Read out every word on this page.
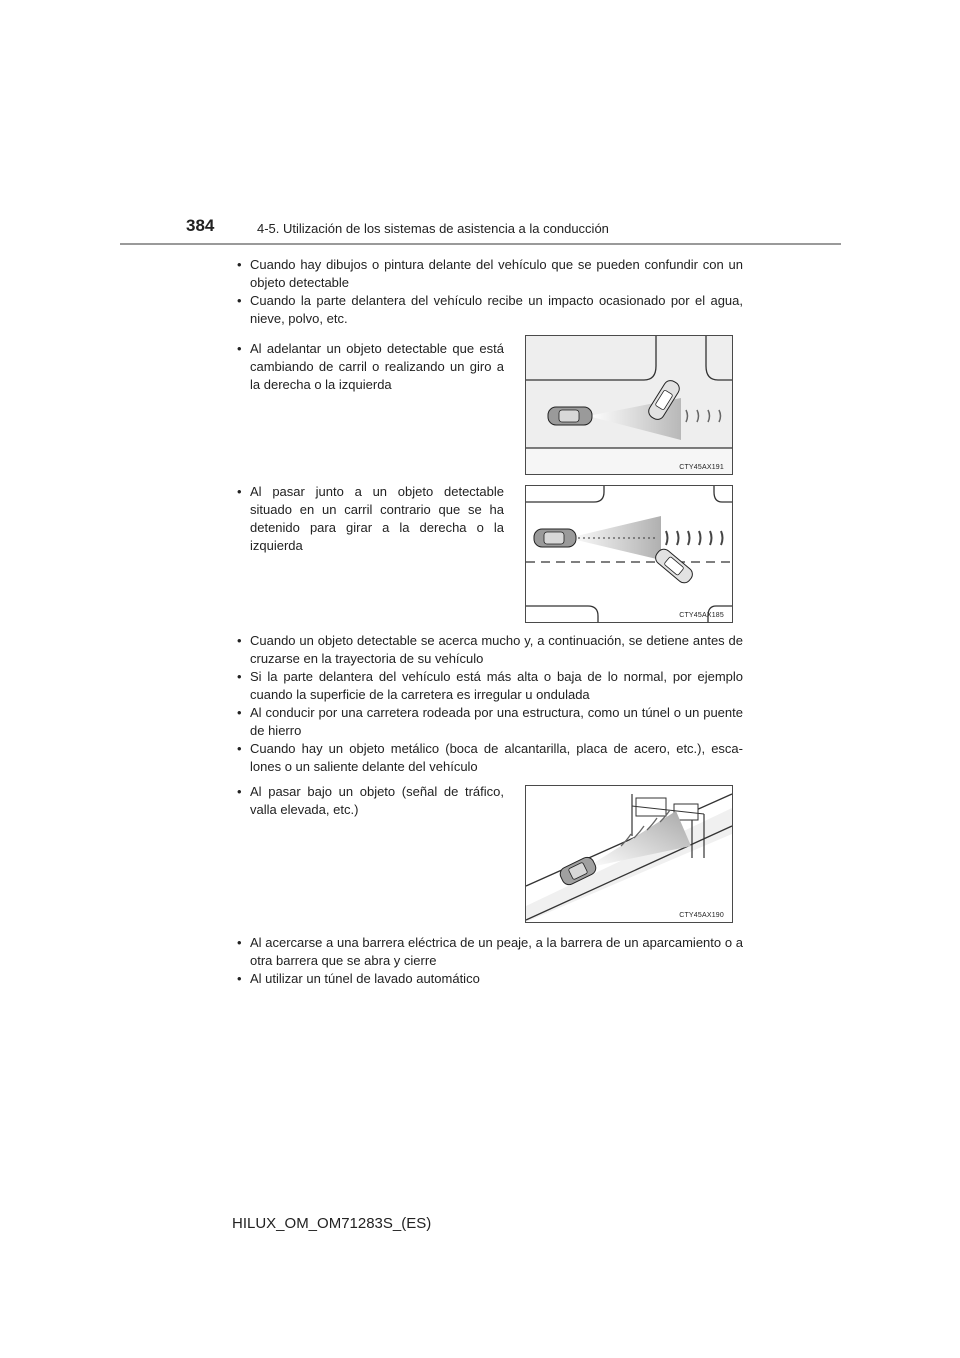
384	4-5. Utilización de los sistemas de asistencia a la conducción
• Cuando hay dibujos o pintura delante del vehículo que se pueden confundir con un objeto detectable
• Cuando la parte delantera del vehículo recibe un impacto ocasionado por el agua, nieve, polvo, etc.
• Al adelantar un objeto detectable que está cambiando de carril o realizando un giro a la derecha o la izquierda
CTY45AX191
• Al pasar junto a un objeto detectable situado en un carril contrario que se ha detenido para girar a la derecha o la izquierda
CTY45AX185
• Cuando un objeto detectable se acerca mucho y, a continuación, se detiene antes de cruzarse en la trayectoria de su vehículo
• Si la parte delantera del vehículo está más alta o baja de lo normal, por ejemplo cuando la superficie de la carretera es irregular u ondulada
• Al conducir por una carretera rodeada por una estructura, como un túnel o un puente de hierro
• Cuando hay un objeto metálico (boca de alcantarilla, placa de acero, etc.), esca-lones o un saliente delante del vehículo
• Al pasar bajo un objeto (señal de tráfico, valla elevada, etc.)
CTY45AX190
• Al acercarse a una barrera eléctrica de un peaje, a la barrera de un aparcamiento o a otra barrera que se abra y cierre
• Al utilizar un túnel de lavado automático
HILUX_OM_OM71283S_(ES)
